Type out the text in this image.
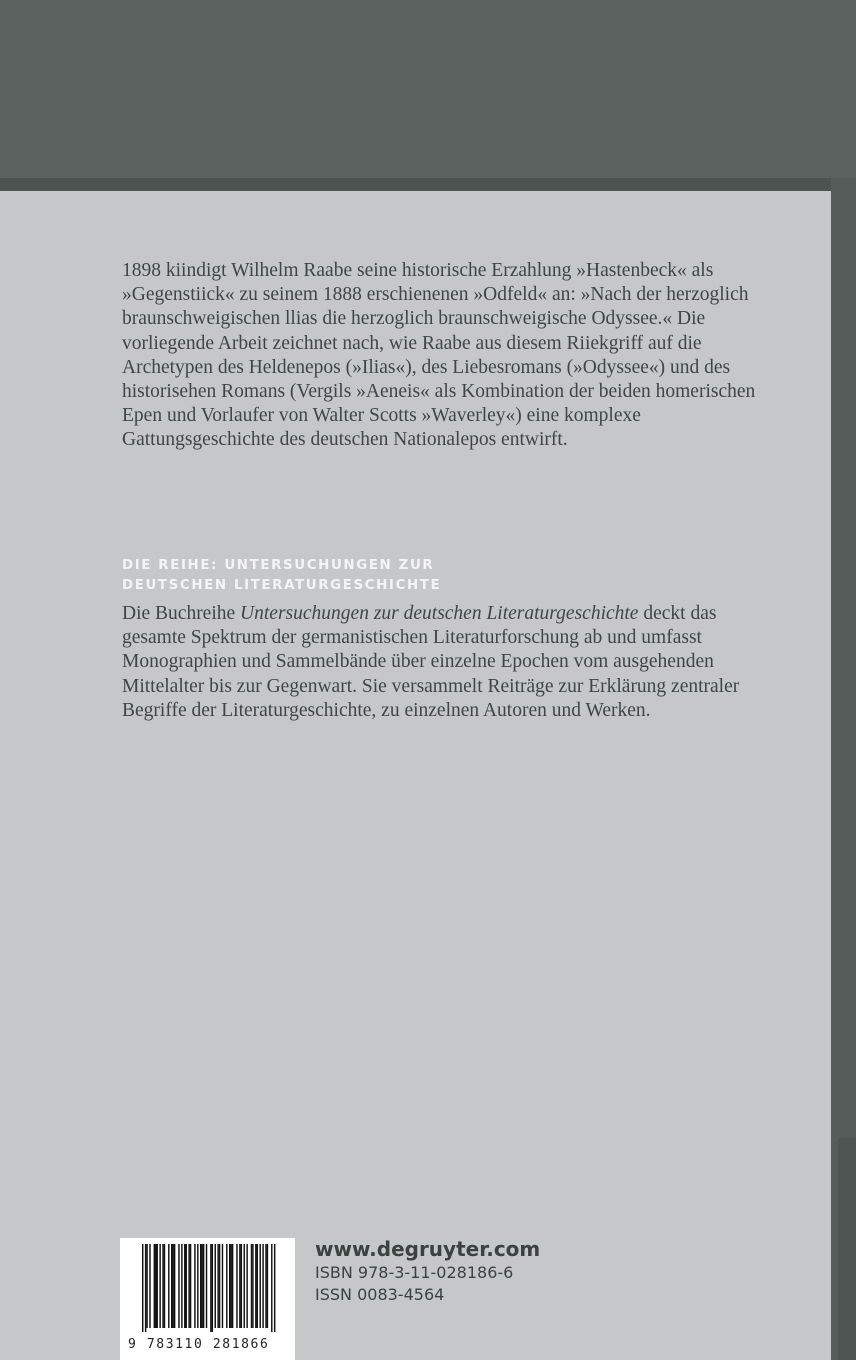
1898 kiindigt Wilhelm Raabe seine historische Erzahlung »Hastenbeck« als »Gegenstiick« zu seinem 1888 erschienenen »Odfeld« an: »Nach der herzoglich braunschweigischen llias die herzoglich braunschweigische Odyssee.« Die vorliegende Arbeit zeichnet nach, wie Raabe aus diesem Riiekgriff auf die Archetypen des Heldenepos (»Ilias«), des Liebesromans (»Odyssee«) und des historisehen Romans (Vergils »Aeneis« als Kombination der beiden homerischen Epen und Vorlaufer von Walter Scotts »Waverley«) eine komplexe Gattungsgeschichte des deutschen Nationalepos entwirft.

DIE REIHE: UNTERSUCHUNGEN ZUR
DEUTSCHEN LITERATURGESCHICHTE

Die Buchreihe Untersuchungen zur deutschen Literaturgeschichte deckt das gesamte Spektrum der germanistischen Literaturforschung ab und umfasst Monographien und Sammelbände über einzelne Epochen vom ausgehenden Mittelalter bis zur Gegenwart. Sie versammelt Reiträge zur Erklärung zentraler Begriffe der Literaturgeschichte, zu einzelnen Autoren und Werken.

9 783110 281866
www.degruyter.com
ISBN 978-3-11-028186-6
ISSN 0083-4564
